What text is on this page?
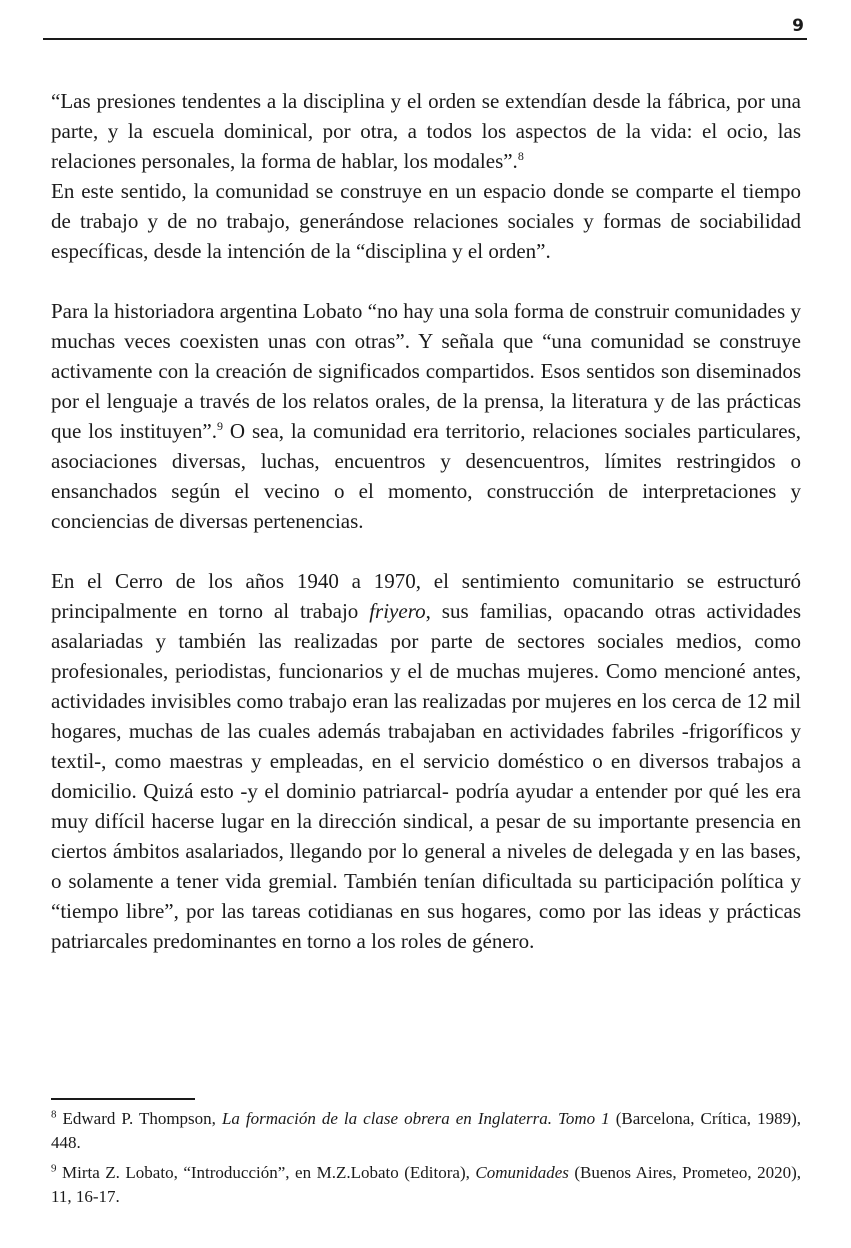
9

“Las presiones tendentes a la disciplina y el orden se extendían desde la fábrica, por una parte, y la escuela dominical, por otra, a todos los aspectos de la vida: el ocio, las relaciones personales, la forma de hablar, los modales”.$^8$

En este sentido, la comunidad se construye en un espacio donde se comparte el tiempo de trabajo y de no trabajo, generándose relaciones sociales y formas de sociabilidad específicas, desde la intención de la “disciplina y el orden”.

Para la historiadora argentina Lobato “no hay una sola forma de construir comunidades y muchas veces coexisten unas con otras”. Y señala que “una comunidad se construye activamente con la creación de significados compartidos. Esos sentidos son diseminados por el lenguaje a través de los relatos orales, de la prensa, la literatura y de las prácticas que los instituyen”.$^9$ O sea, la comunidad era territorio, relaciones sociales particulares, asociaciones diversas, luchas, encuentros y desencuentros, límites restringidos o ensanchados según el vecino o el momento, construcción de interpretaciones y conciencias de diversas pertenencias.

En el Cerro de los años 1940 a 1970, el sentimiento comunitario se estructuró principalmente en torno al trabajo friyero, sus familias, opacando otras actividades asalariadas y también las realizadas por parte de sectores sociales medios, como profesionales, periodistas, funcionarios y el de muchas mujeres. Como mencioné antes, actividades invisibles como trabajo eran las realizadas por mujeres en los cerca de 12 mil hogares, muchas de las cuales además trabajaban en actividades fabriles -frigoríficos y textil-, como maestras y empleadas, en el servicio doméstico o en diversos trabajos a domicilio. Quizá esto -y el dominio patriarcal- podría ayudar a entender por qué les era muy difícil hacerse lugar en la dirección sindical, a pesar de su importante presencia en ciertos ámbitos asalariados, llegando por lo general a niveles de delegada y en las bases, o solamente a tener vida gremial. También tenían dificultada su participación política y “tiempo libre”, por las tareas cotidianas en sus hogares, como por las ideas y prácticas patriarcales predominantes en torno a los roles de género.

$^8$ Edward P. Thompson, La formación de la clase obrera en Inglaterra. Tomo 1 (Barcelona, Crítica, 1989), 448.

$^9$ Mirta Z. Lobato, “Introducción”, en M.Z.Lobato (Editora), Comunidades (Buenos Aires, Prometeo, 2020), 11, 16-17.
